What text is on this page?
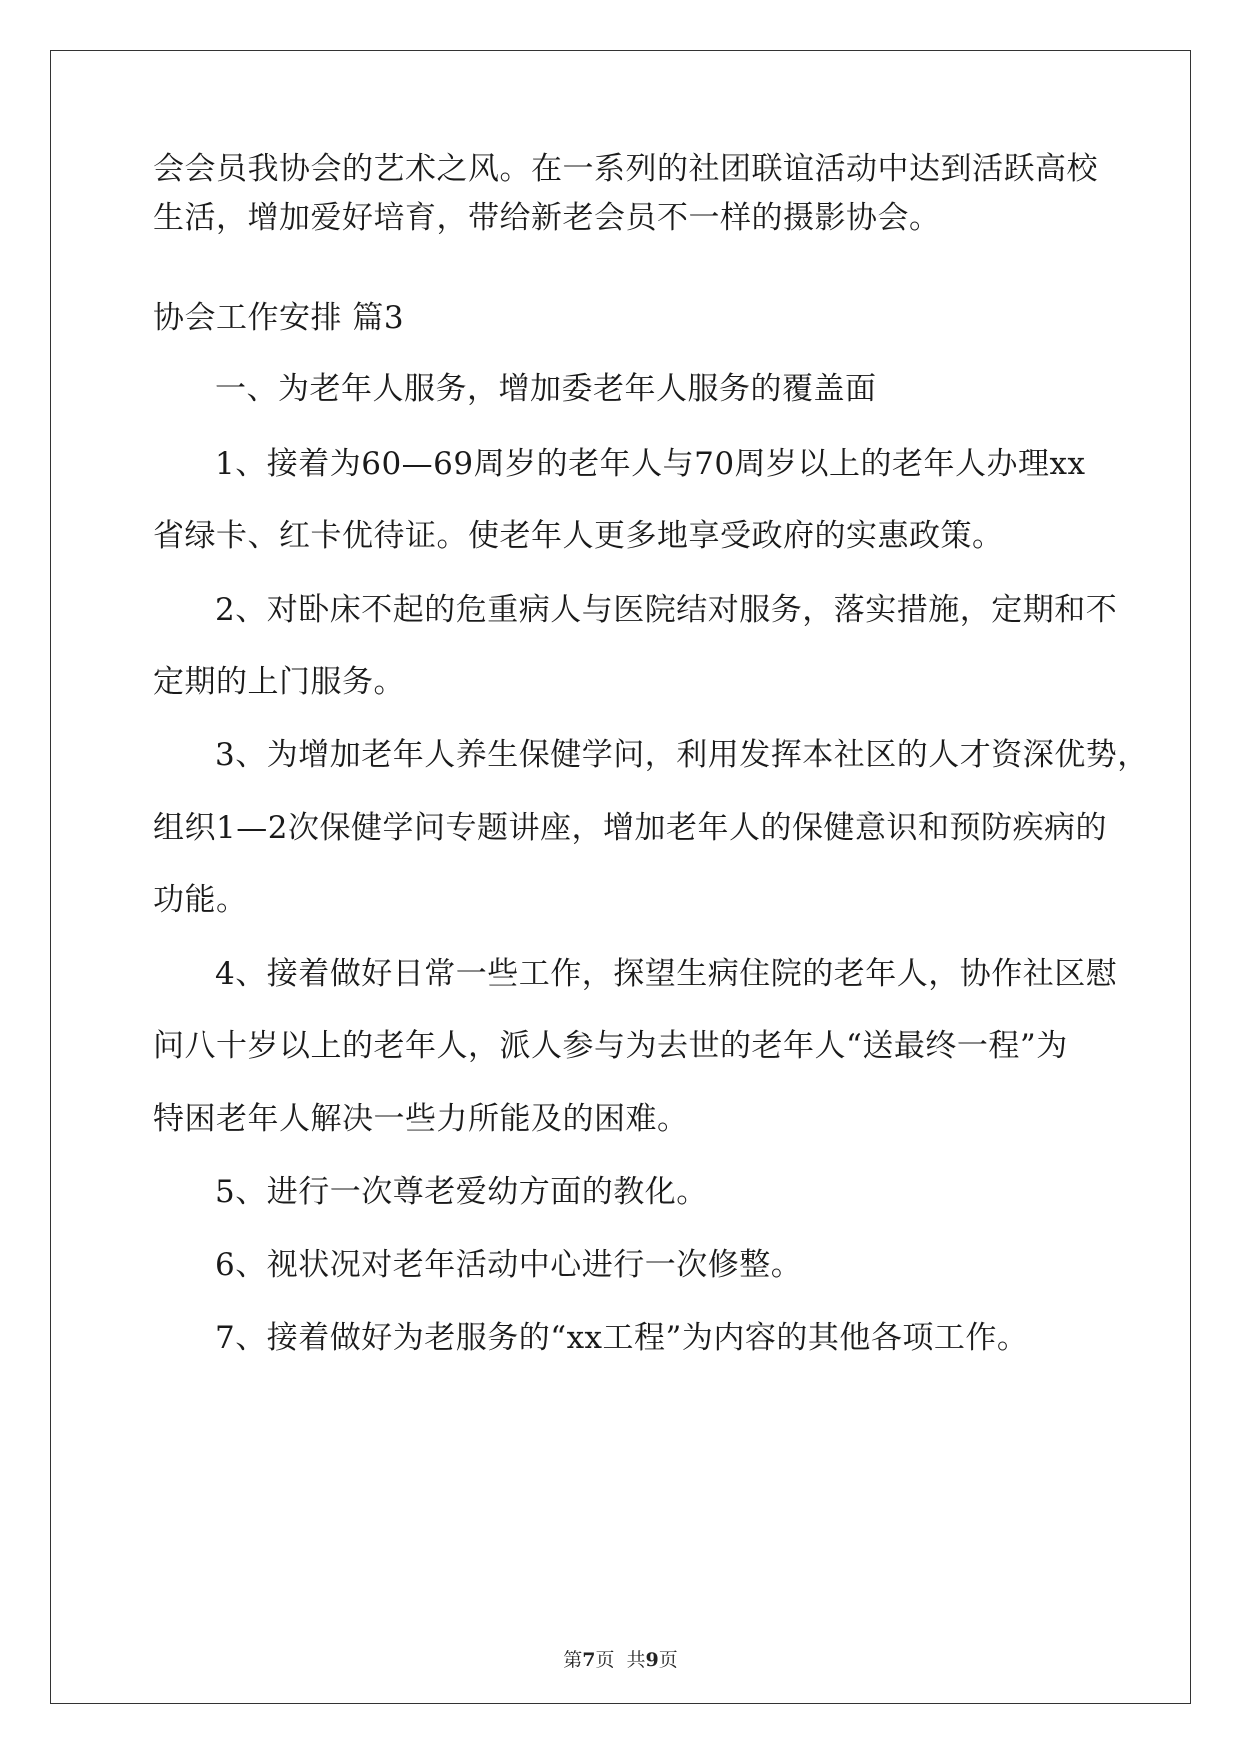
会会员我协会的艺术之风。在一系列的社团联谊活动中达到活跃高校
生活，增加爱好培育，带给新老会员不一样的摄影协会。
协会工作安排 篇3
一、为老年人服务，增加委老年人服务的覆盖面
1、接着为60—69周岁的老年人与70周岁以上的老年人办理xx
省绿卡、红卡优待证。使老年人更多地享受政府的实惠政策。
2、对卧床不起的危重病人与医院结对服务，落实措施，定期和不
定期的上门服务。
3、为增加老年人养生保健学问，利用发挥本社区的人才资深优势，
组织1—2次保健学问专题讲座，增加老年人的保健意识和预防疾病的
功能。
4、接着做好日常一些工作，探望生病住院的老年人，协作社区慰
问八十岁以上的老年人，派人参与为去世的老年人“送最终一程”为
特困老年人解决一些力所能及的困难。
5、进行一次尊老爱幼方面的教化。
6、视状况对老年活动中心进行一次修整。
7、接着做好为老服务的“xx工程”为内容的其他各项工作。
第7页  共9页
